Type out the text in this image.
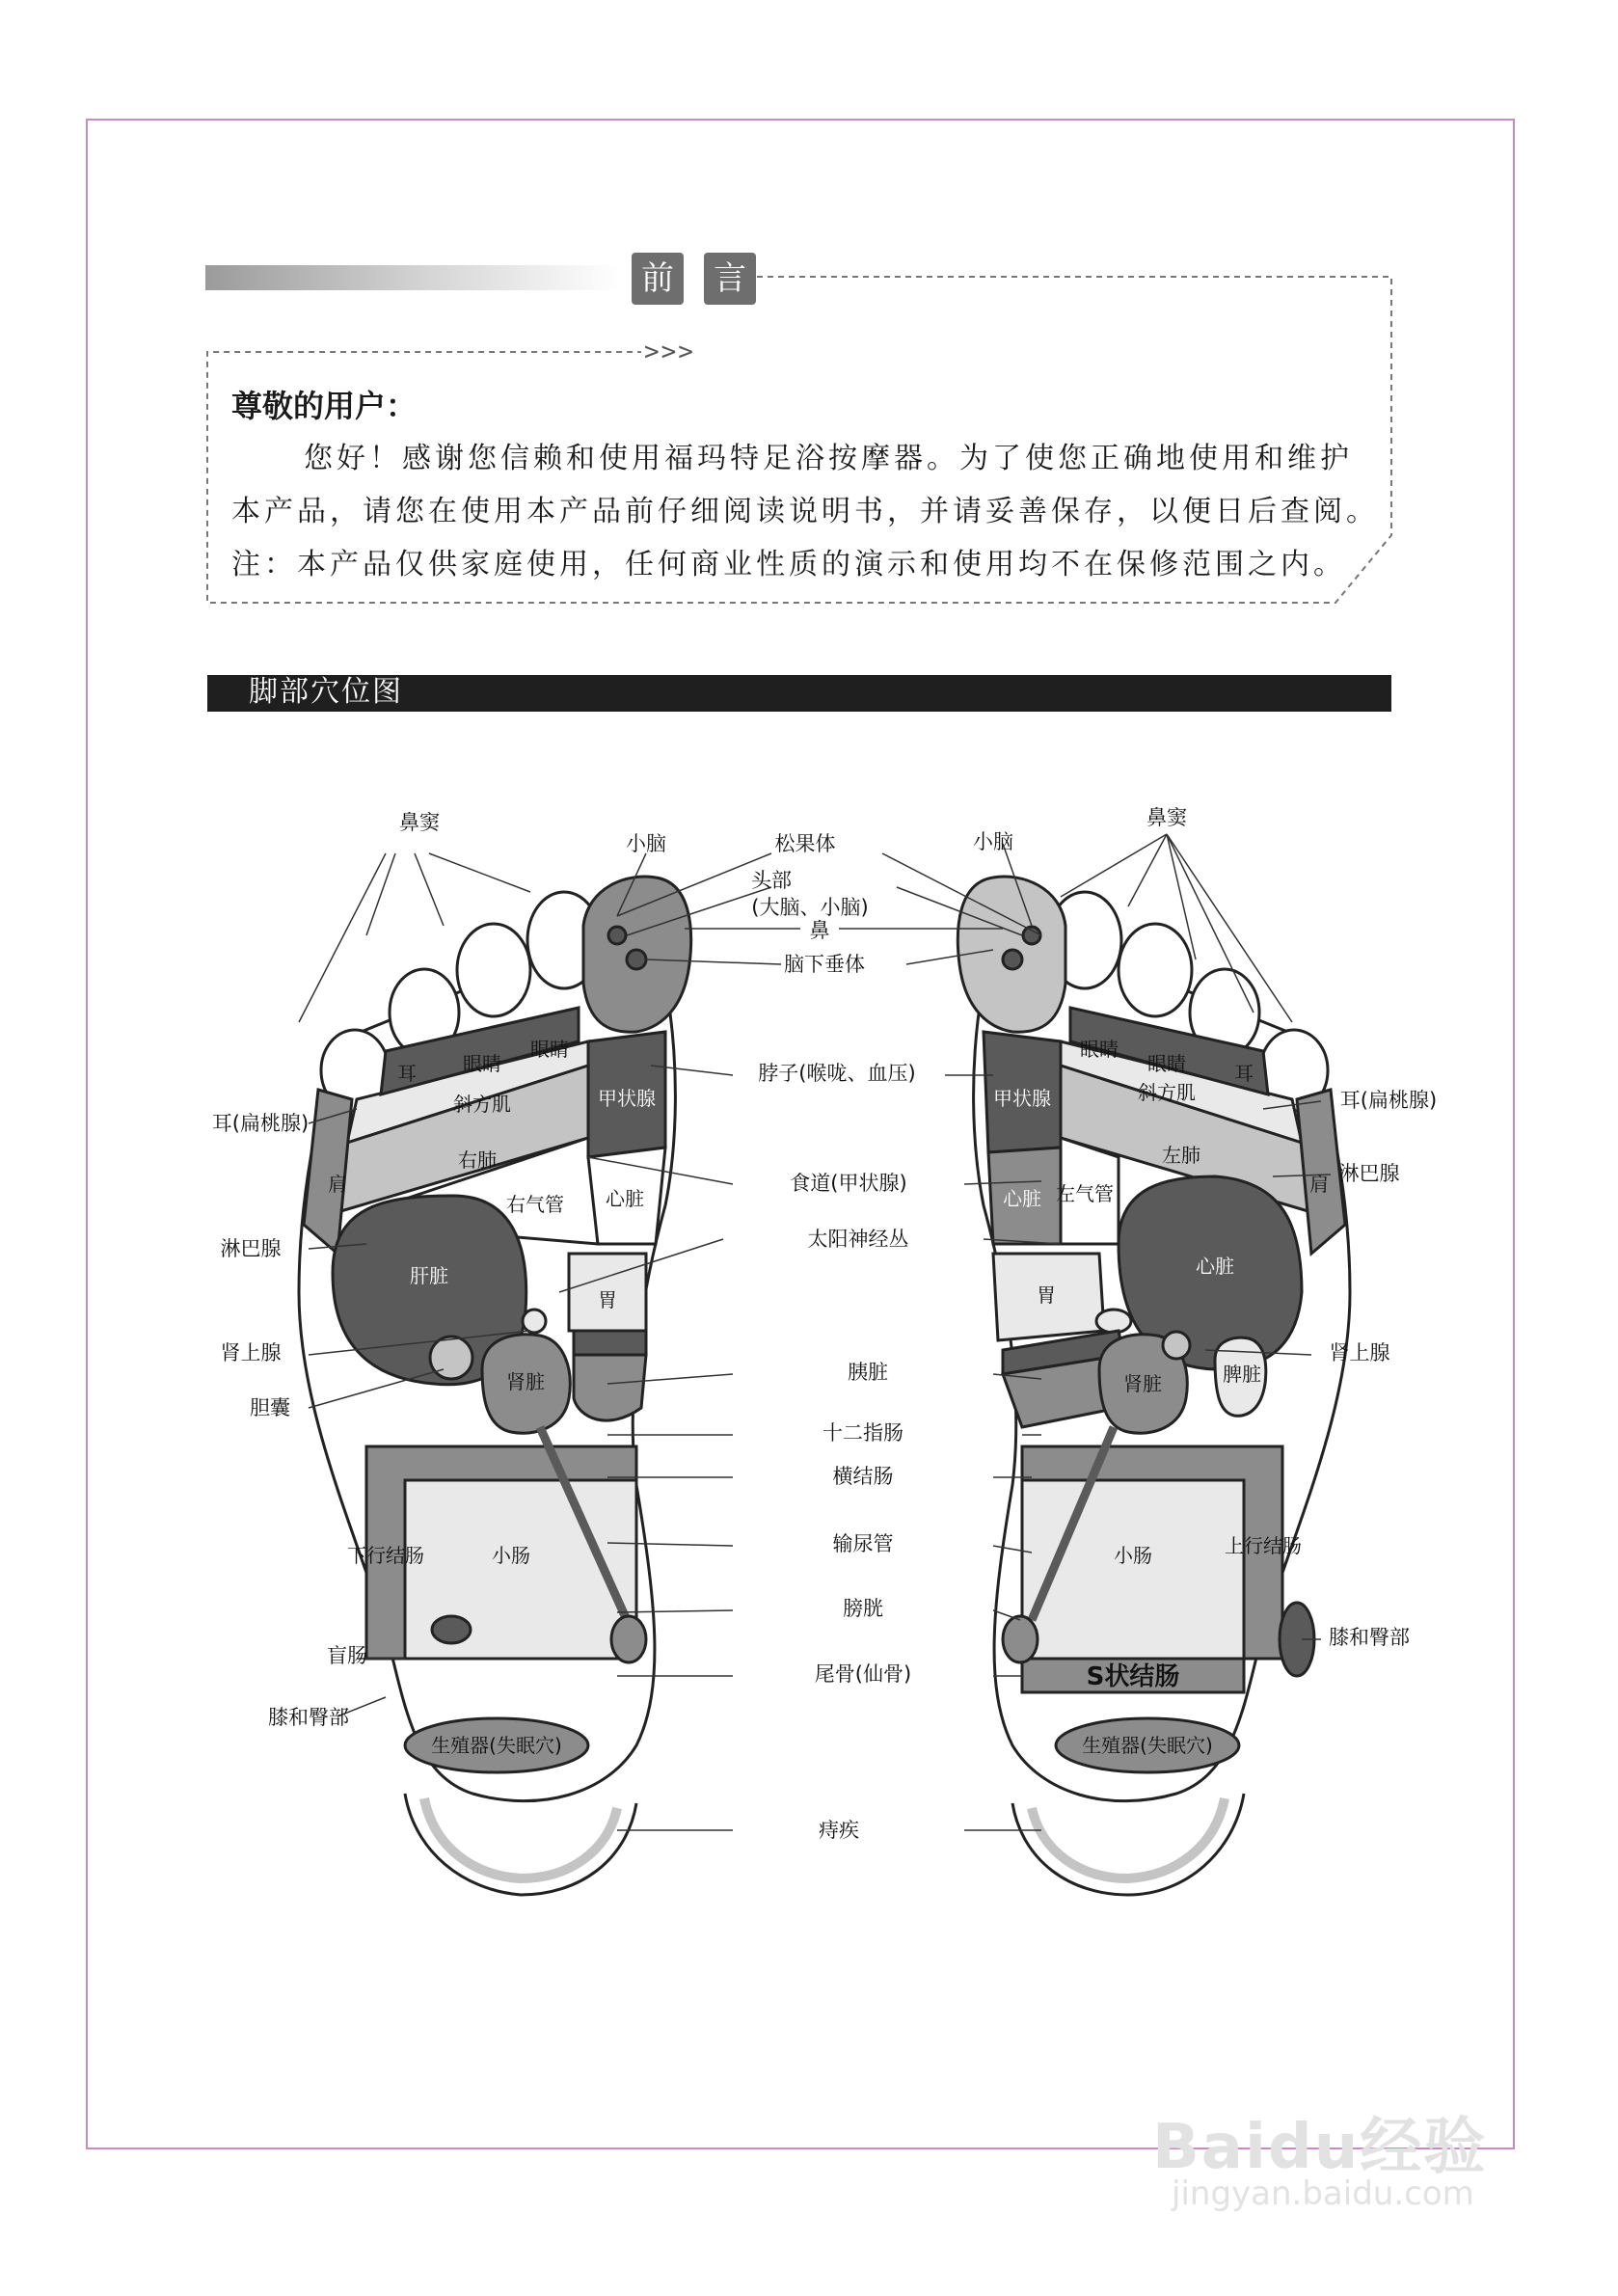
前 言
>>>
尊敬的用户：
您好！感谢您信赖和使用福玛特足浴按摩器。为了使您正确地使用和维护
本产品，请您在使用本产品前仔细阅读说明书，并请妥善保存，以便日后查阅。
注：本产品仅供家庭使用，任何商业性质的演示和使用均不在保修范围之内。
脚部穴位图
松果体
头部
(大脑、小脑)
鼻
脑下垂体
脖子(喉咙、血压)
食道(甲状腺)
太阳神经丛
胰脏
十二指肠
横结肠
输尿管
膀胱
尾骨(仙骨)
痔疾
鼻窦
小脑
耳(扁桃腺)
淋巴腺
肾上腺
胆囊
盲肠
膝和臀部
鼻窦
小脑
耳(扁桃腺)
淋巴腺
肾上腺
膝和臀部
耳 眼睛
眼睛
斜方肌
右肺
肩
右气管
甲状腺
心脏
肝脏
胃
肾脏
下行结肠	小肠
生殖器(失眠穴)
耳
眼睛
眼睛
斜方肌
左肺
肩
左气管
甲状腺
心脏
心脏
胃
肾脏	脾脏
上行结肠
小肠
S状结肠
生殖器(失眠穴)
Baidu经验
jingyan.baidu.com
